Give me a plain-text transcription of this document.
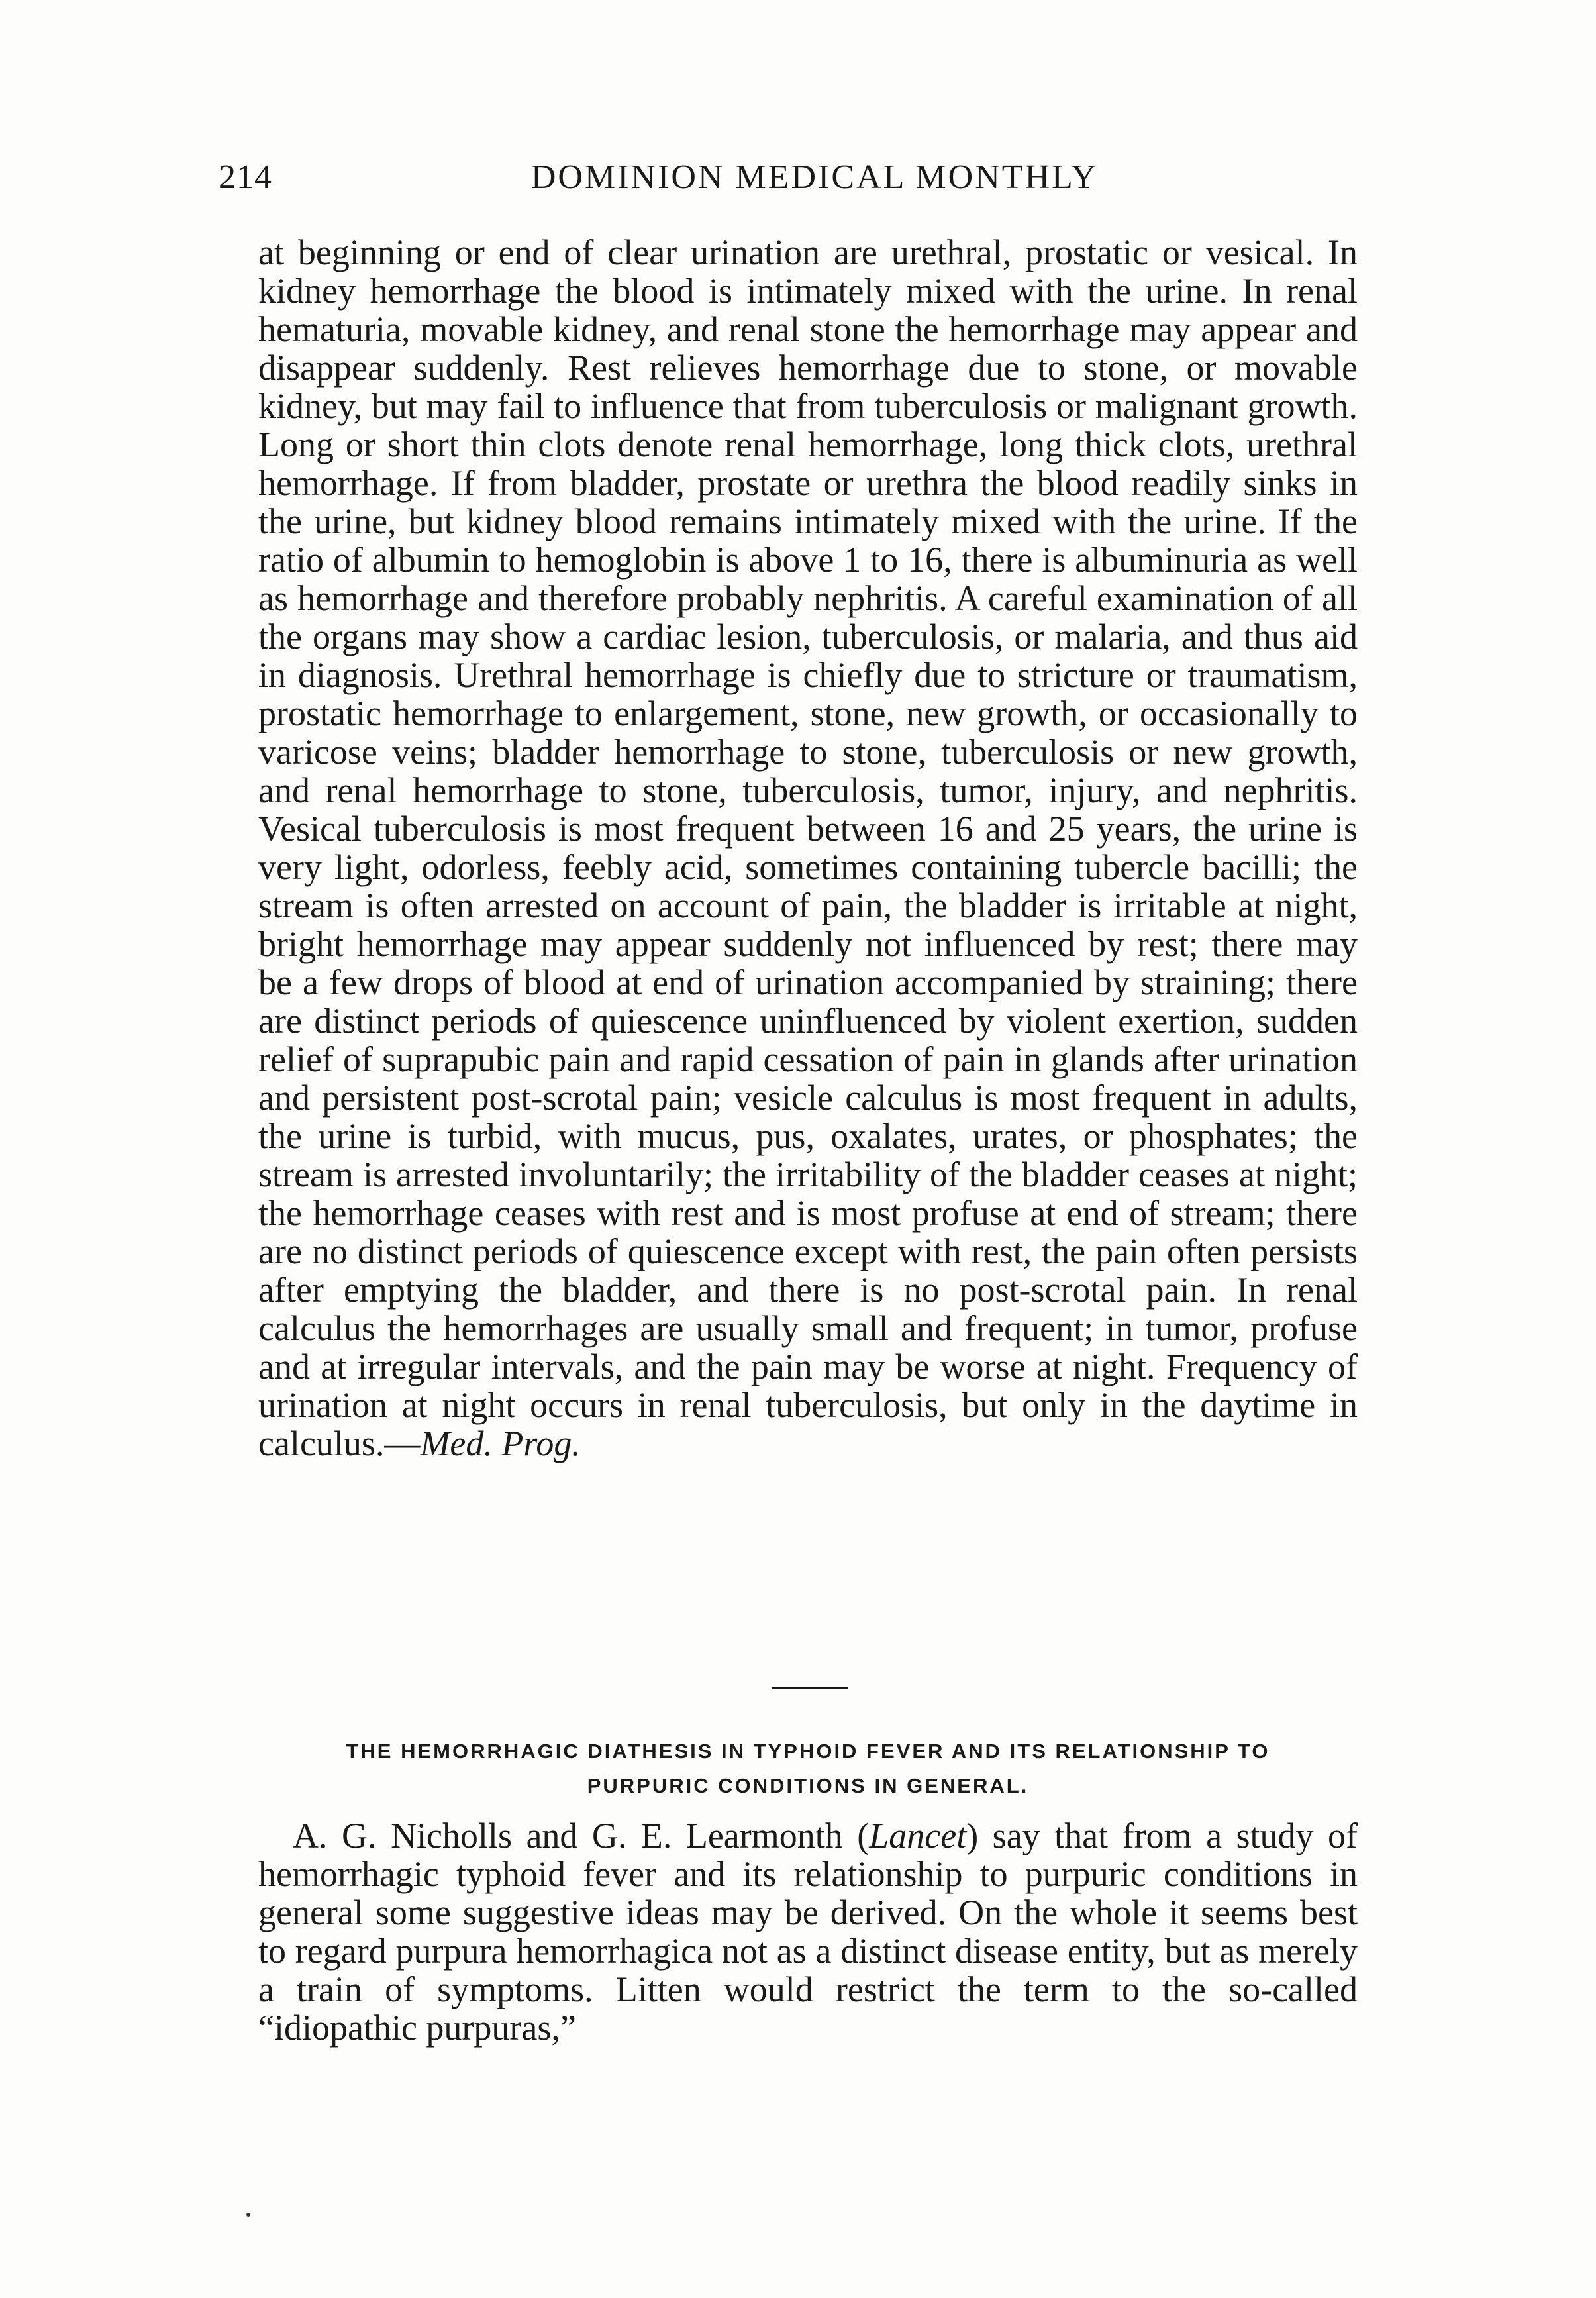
214	DOMINION MEDICAL MONTHLY

at beginning or end of clear urination are urethral, prostatic or vesical. In kidney hemorrhage the blood is intimately mixed with the urine. In renal hematuria, movable kidney, and renal stone the hemorrhage may appear and disappear suddenly. Rest relieves hemorrhage due to stone, or movable kidney, but may fail to influence that from tuberculosis or malignant growth. Long or short thin clots denote renal hemorrhage, long thick clots, urethral hemorrhage. If from bladder, prostate or urethra the blood readily sinks in the urine, but kidney blood remains intimately mixed with the urine. If the ratio of albumin to hemoglobin is above 1 to 16, there is albuminuria as well as hemorrhage and therefore probably nephritis. A careful examination of all the organs may show a cardiac lesion, tuberculosis, or malaria, and thus aid in diagnosis. Urethral hemorrhage is chiefly due to stricture or traumatism, prostatic hemorrhage to enlargement, stone, new growth, or occasionally to varicose veins; bladder hemorrhage to stone, tuberculosis or new growth, and renal hemorrhage to stone, tuberculosis, tumor, injury, and nephritis. Vesical tuberculosis is most frequent between 16 and 25 years, the urine is very light, odorless, feebly acid, sometimes containing tubercle bacilli; the stream is often arrested on account of pain, the bladder is irritable at night, bright hemorrhage may appear suddenly not influenced by rest; there may be a few drops of blood at end of urination accompanied by straining; there are distinct periods of quiescence uninfluenced by violent exertion, sudden relief of suprapubic pain and rapid cessation of pain in glands after urination and persistent post-scrotal pain; vesicle calculus is most frequent in adults, the urine is turbid, with mucus, pus, oxalates, urates, or phosphates; the stream is arrested involuntarily; the irritability of the bladder ceases at night; the hemorrhage ceases with rest and is most profuse at end of stream; there are no distinct periods of quiescence except with rest, the pain often persists after emptying the bladder, and there is no post-scrotal pain. In renal calculus the hemorrhages are usually small and frequent; in tumor, profuse and at irregular intervals, and the pain may be worse at night. Frequency of urination at night occurs in renal tuberculosis, but only in the daytime in calculus.—Med. Prog.

THE HEMORRHAGIC DIATHESIS IN TYPHOID FEVER AND ITS RELATIONSHIP TO
PURPURIC CONDITIONS IN GENERAL.

A. G. Nicholls and G. E. Learmonth (Lancet) say that from a study of hemorrhagic typhoid fever and its relationship to purpuric conditions in general some suggestive ideas may be derived. On the whole it seems best to regard purpura hemorrhagica not as a distinct disease entity, but as merely a train of symptoms. Litten would restrict the term to the so-called “idiopathic purpuras,”
